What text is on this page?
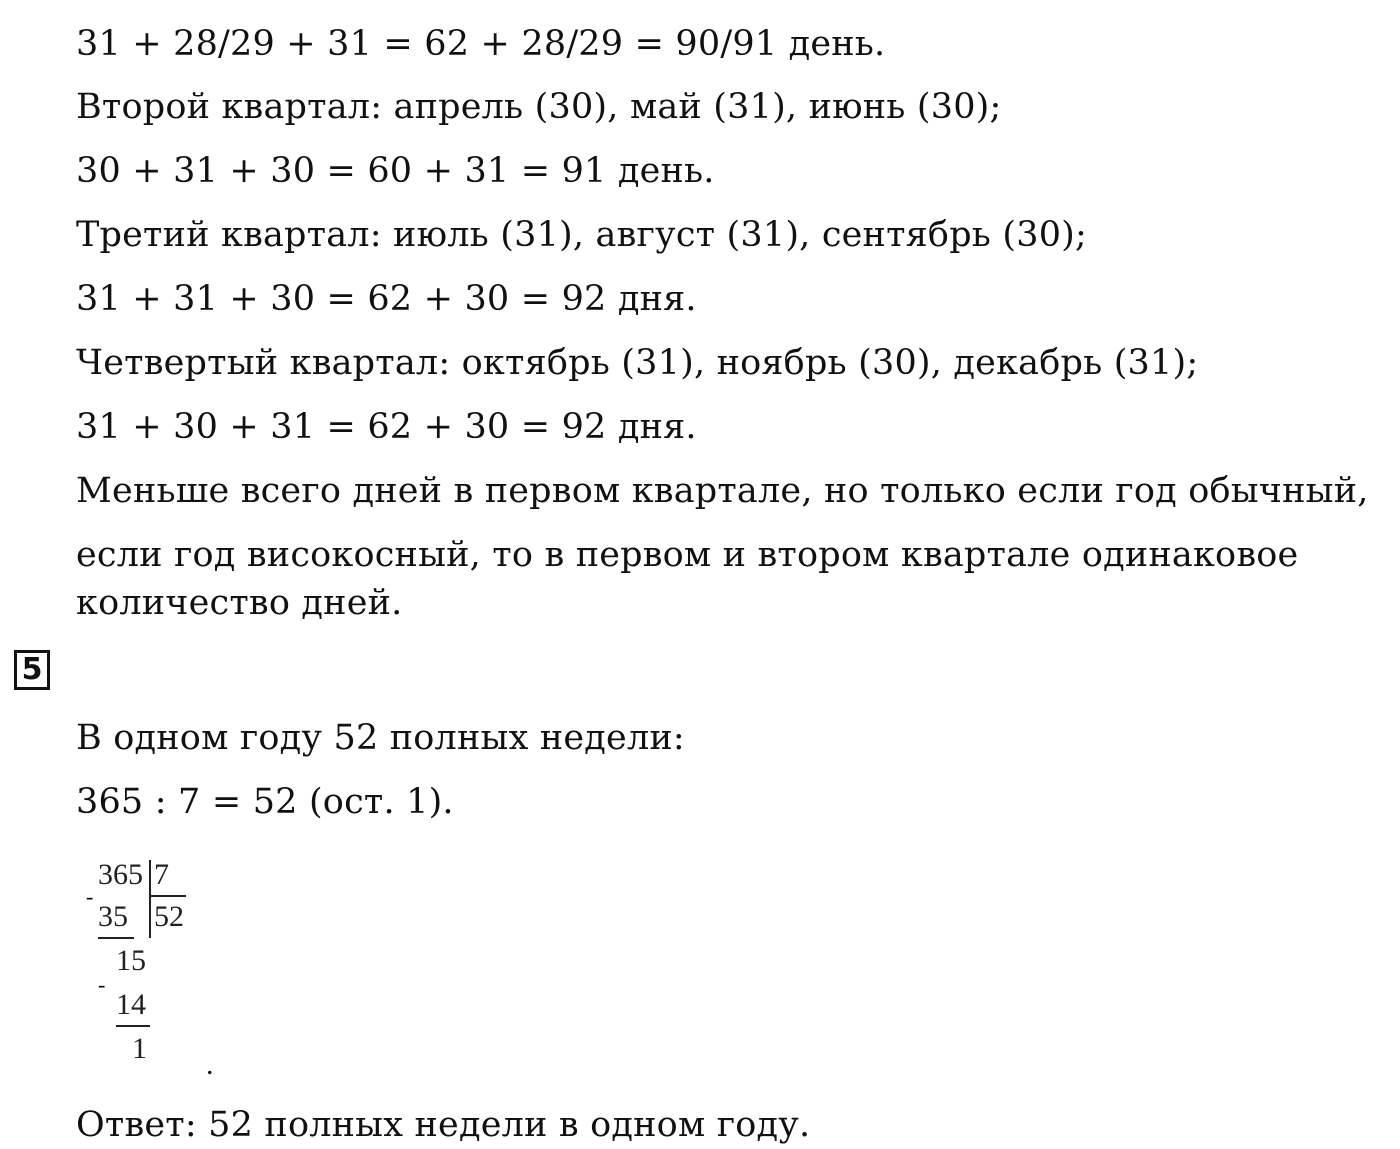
31 + 28/29 + 31 = 62 + 28/29 = 90/91 день.
Второй квартал: апрель (30), май (31), июнь (30);
30 + 31 + 30 = 60 + 31 = 91 день.
Третий квартал: июль (31), август (31), сентябрь (30);
31 + 31 + 30 = 62 + 30 = 92 дня.
Четвертый квартал: октябрь (31), ноябрь (30), декабрь (31);
31 + 30 + 31 = 62 + 30 = 92 дня.
Меньше всего дней в первом квартале, но только если год обычный,
если год високосный, то в первом и втором квартале одинаковое
количество дней.
5
В одном году 52 полных недели:
365 : 7 = 52 (ост. 1).
-
365 7
52
35
15
-
14
1 .
Ответ: 52 полных недели в одном году.
